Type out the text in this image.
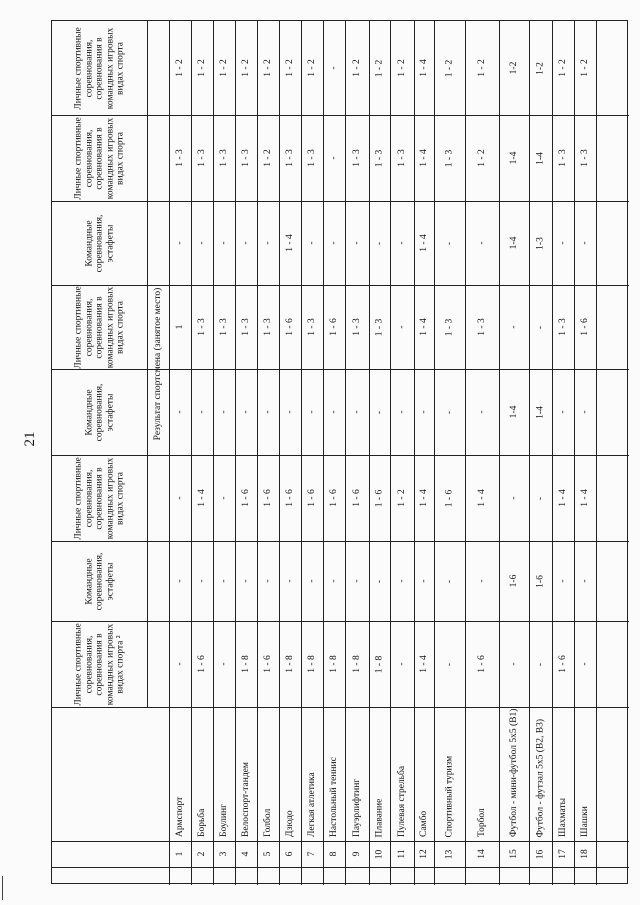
21
Личные спортивные соревнования, соревнования в командных игровых видах спорта
Личные спортивные соревнования, соревнования в командных игровых видах спорта
Командные соревнования, эстафеты
Личные спортивные соревнования, соревнования в командных игровых видах спорта
Командные соревнования, эстафеты
Личные спортивные соревнования, соревнования в командных игровых видах спорта
Командные соревнования, эстафеты
Личные спортивные соревнования, соревнования в командных игровых видах спорта ²
Результат спортсмена (занятое место)
1
Армспорт
-
-
-
-
1
-
1 - 3
1 - 2
2
Борьба
1 - 6
-
1 - 4
-
1 - 3
-
1 - 3
1 - 2
3
Боулинг
-
-
-
-
1 - 3
-
1 - 3
1 - 2
4
Велоспорт-тандем
1 - 8
-
1 - 6
-
1 - 3
-
1 - 3
1 - 2
5
Голбол
1 - 6
-
1 - 6
-
1 - 3
-
1 - 2
1 - 2
6
Дзюдо
1 - 8
-
1 - 6
-
1 - 6
1 - 4
1 - 3
1 - 2
7
Легкая атлетика
1 - 8
-
1 - 6
-
1 - 3
-
1 - 3
1 - 2
8
Настольный теннис
1 - 8
-
1 - 6
-
1 - 6
-
-
-
9
Пауэрлифтинг
1 - 8
-
1 - 6
-
1 - 3
-
1 - 3
1 - 2
10
Плавание
1 - 8
-
1 - 6
-
1 - 3
-
1 - 3
1 - 2
11
Пулевая стрельба
-
-
1 - 2
-
-
-
1 - 3
1 - 2
12
Самбо
1 - 4
-
1 - 4
-
1 - 4
1 - 4
1 - 4
1 - 4
13
Спортивный туризм
-
-
1 - 6
-
1 - 3
-
1 - 3
1 - 2
14
Торбол
1 - 6
-
1 - 4
-
1 - 3
-
1 - 2
1 - 2
15
Футбол - мини-футбол 5х5 (В1)
-
1-6
-
1-4
-
1-4
1-4
1-2
16
Футбол - футзал 5х5 (В2, В3)
-
1-6
-
1-4
-
1-3
1-4
1-2
17
Шахматы
1 - 6
-
1 - 4
-
1 - 3
-
1 - 3
1 - 2
18
Шашки
-
-
1 - 4
-
1 - 6
-
1 - 3
1 - 2
